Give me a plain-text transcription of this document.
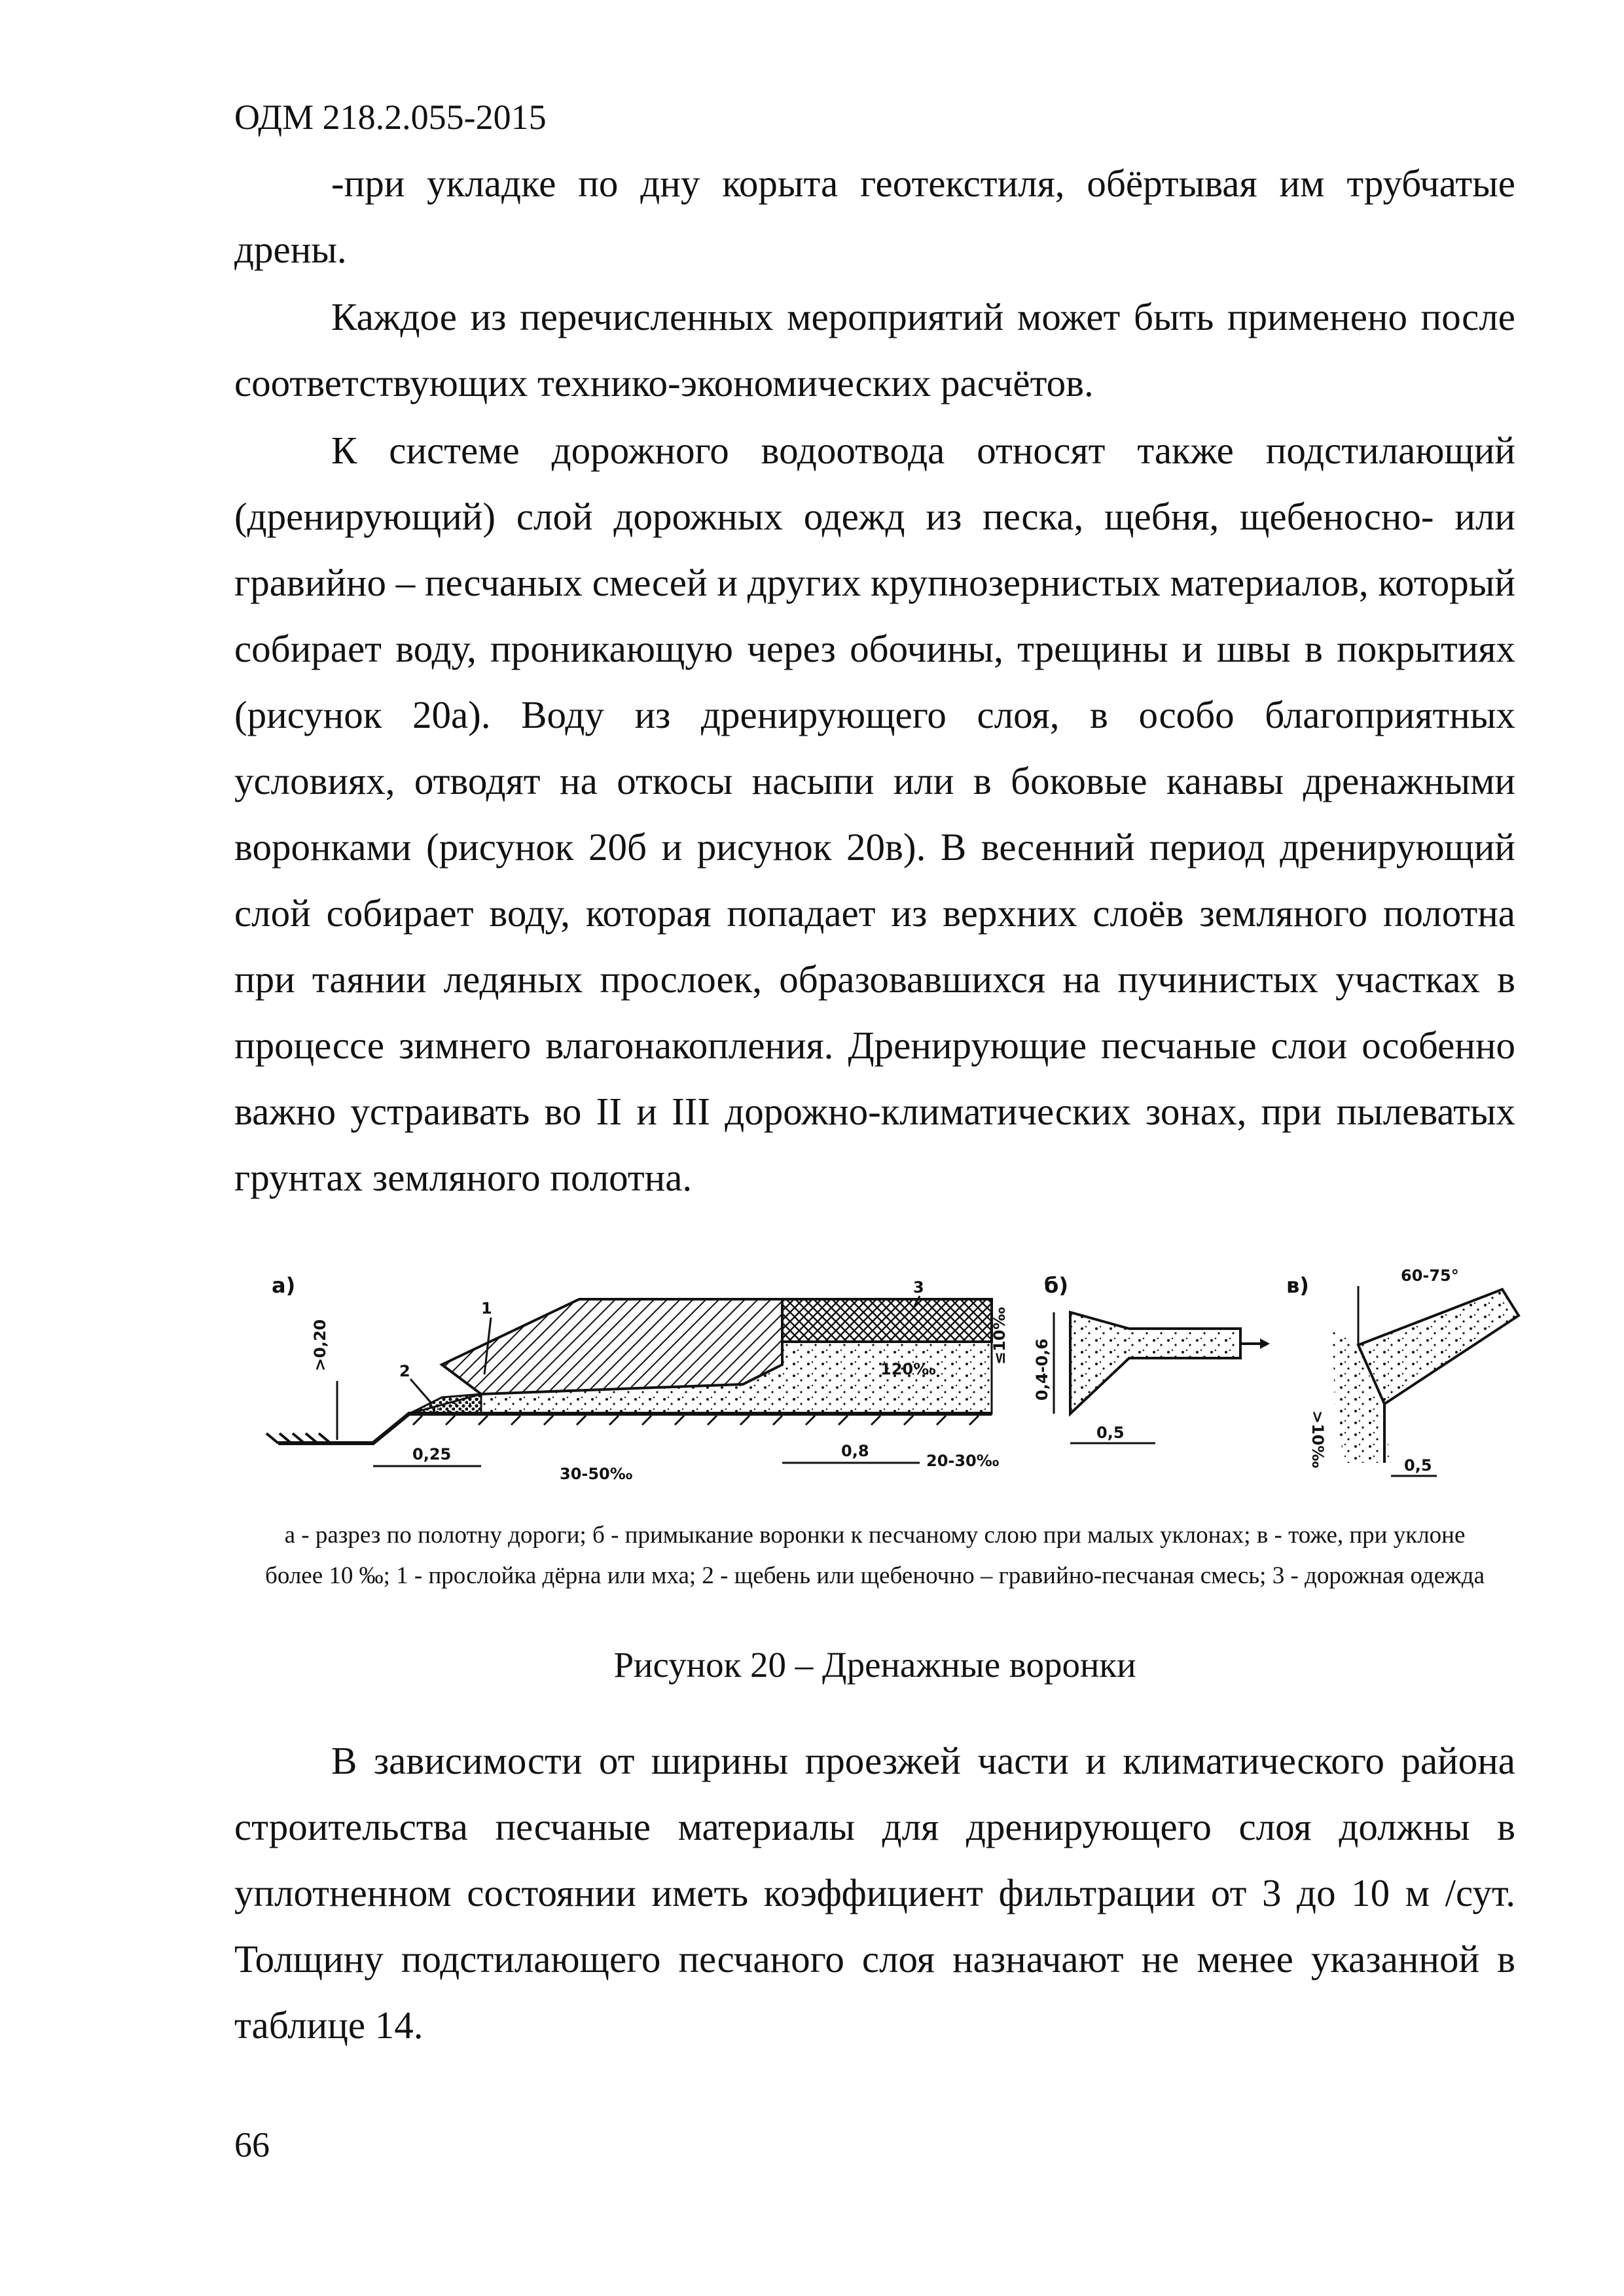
ОДМ 218.2.055-2015

-при укладке по дну корыта геотекстиля, обёртывая им трубчатые дрены.

Каждое из перечисленных мероприятий может быть применено после соответствующих технико-экономических расчётов.

К системе дорожного водоотвода относят также подстилающий (дренирующий) слой дорожных одежд из песка, щебня, щебеносно- или гравийно – песчаных смесей и других крупнозернистых материалов, который собирает воду, проникающую через обочины, трещины и швы в покрытиях (рисунок 20а). Воду из дренирующего слоя, в особо благоприятных условиях, отводят на откосы насыпи или в боковые канавы дренажными воронками (рисунок 20б и рисунок 20в). В весенний период дренирующий слой собирает воду, которая попадает из верхних слоёв земляного полотна при таянии ледяных прослоек, образовавшихся на пучинистых участках в процессе зимнего влагонакопления. Дренирующие песчаные слои особенно важно устраивать во II и III дорожно-климатических зонах, при пылеватых грунтах земляного полотна.

а)
1
2
3
>0,20
0,25
30-50‰
0,8
20-30‰
120‰
≤10‰
б)
0,4-0,6
0,5
в)	60-75°
>10‰	0,5
а - разрез по полотну дороги; б - примыкание воронки к песчаному слою при малых уклонах; в - тоже, при уклоне
более 10 ‰; 1 - прослойка дёрна или мха; 2 - щебень или щебеночно – гравийно-песчаная смесь; 3 - дорожная одежда
Рисунок 20 – Дренажные воронки

В зависимости от ширины проезжей части и климатического района строительства песчаные материалы для дренирующего слоя должны в уплотненном состоянии иметь коэффициент фильтрации от 3 до 10 м /сут. Толщину подстилающего песчаного слоя назначают не менее указанной в таблице 14.

66
